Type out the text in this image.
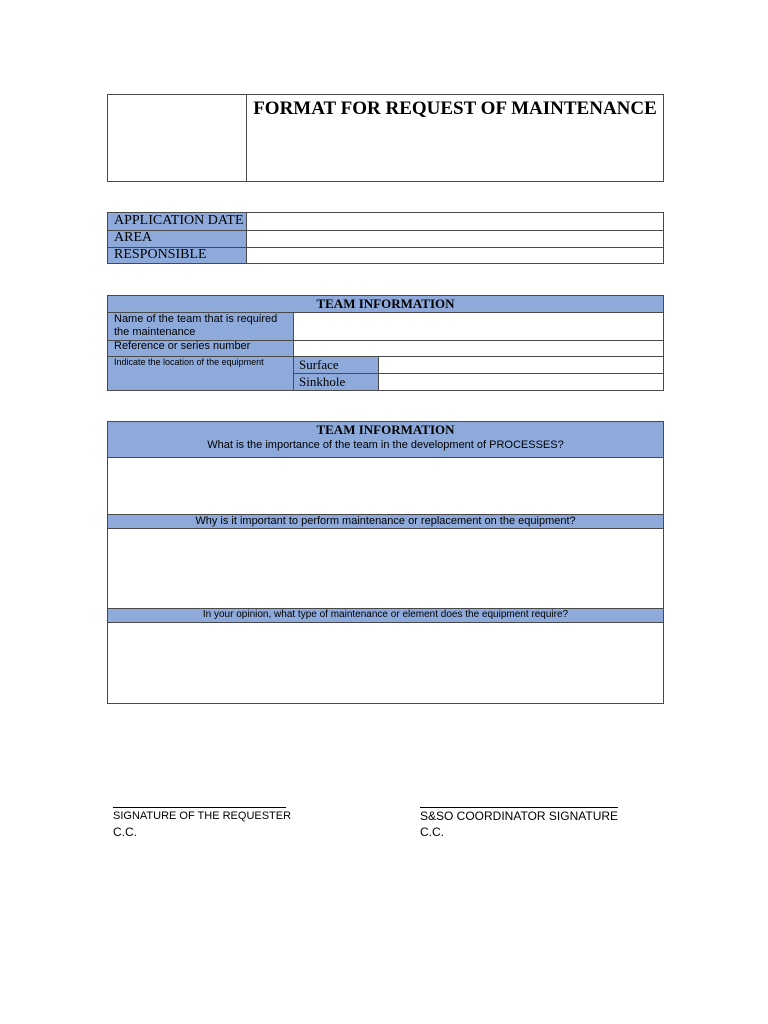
FORMAT FOR REQUEST OF MAINTENANCE
APPLICATION DATE
AREA
RESPONSIBLE
TEAM INFORMATION
Name of the team that is required the maintenance
Reference or series number
Indicate the location of the equipment	Surface
Sinkhole
TEAM INFORMATION
What is the importance of the team in the development of PROCESSES?
Why is it important to perform maintenance or replacement on the equipment?
In your opinion, what type of maintenance or element does the equipment require?
SIGNATURE OF THE REQUESTER
C.C.
S&SO COORDINATOR SIGNATURE
C.C.
